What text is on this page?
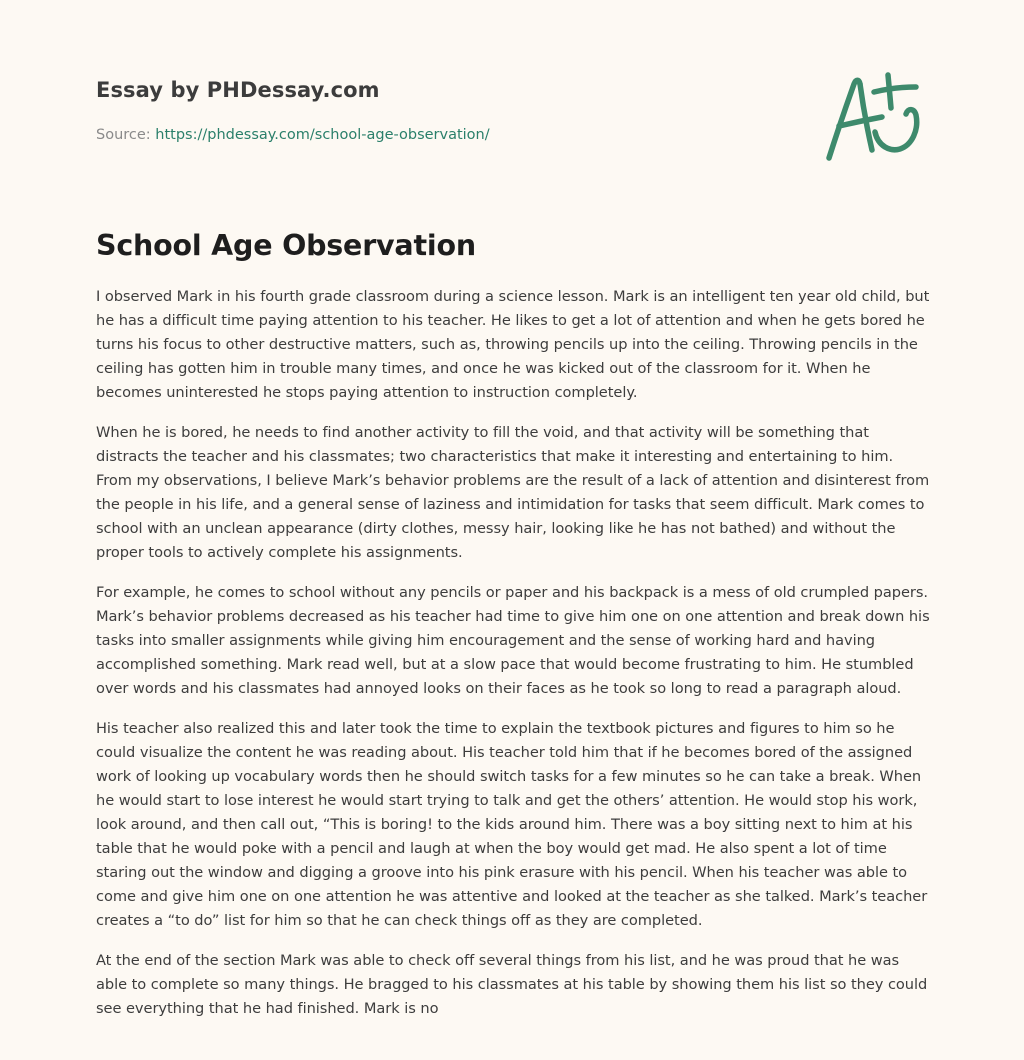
Essay by PHDessay.com
Source: https://phdessay.com/school-age-observation/
School Age Observation

I observed Mark in his fourth grade classroom during a science lesson. Mark is an intelligent ten year old child, but he has a difficult time paying attention to his teacher. He likes to get a lot of attention and when he gets bored he turns his focus to other destructive matters, such as, throwing pencils up into the ceiling. Throwing pencils in the ceiling has gotten him in trouble many times, and once he was kicked out of the classroom for it. When he becomes uninterested he stops paying attention to instruction completely.

When he is bored, he needs to find another activity to fill the void, and that activity will be something that distracts the teacher and his classmates; two characteristics that make it interesting and entertaining to him. From my observations, I believe Mark’s behavior problems are the result of a lack of attention and disinterest from the people in his life, and a general sense of laziness and intimidation for tasks that seem difficult. Mark comes to school with an unclean appearance (dirty clothes, messy hair, looking like he has not bathed) and without the proper tools to actively complete his assignments.

For example, he comes to school without any pencils or paper and his backpack is a mess of old crumpled papers. Mark’s behavior problems decreased as his teacher had time to give him one on one attention and break down his tasks into smaller assignments while giving him encouragement and the sense of working hard and having accomplished something. Mark read well, but at a slow pace that would become frustrating to him. He stumbled over words and his classmates had annoyed looks on their faces as he took so long to read a paragraph aloud.

His teacher also realized this and later took the time to explain the textbook pictures and figures to him so he could visualize the content he was reading about. His teacher told him that if he becomes bored of the assigned work of looking up vocabulary words then he should switch tasks for a few minutes so he can take a break. When he would start to lose interest he would start trying to talk and get the others’ attention. He would stop his work, look around, and then call out, “This is boring! to the kids around him. There was a boy sitting next to him at his table that he would poke with a pencil and laugh at when the boy would get mad. He also spent a lot of time staring out the window and digging a groove into his pink erasure with his pencil. When his teacher was able to come and give him one on one attention he was attentive and looked at the teacher as she talked. Mark’s teacher creates a “to do” list for him so that he can check things off as they are completed.

At the end of the section Mark was able to check off several things from his list, and he was proud that he was able to complete so many things. He bragged to his classmates at his table by showing them his list so they could see everything that he had finished. Mark is no
